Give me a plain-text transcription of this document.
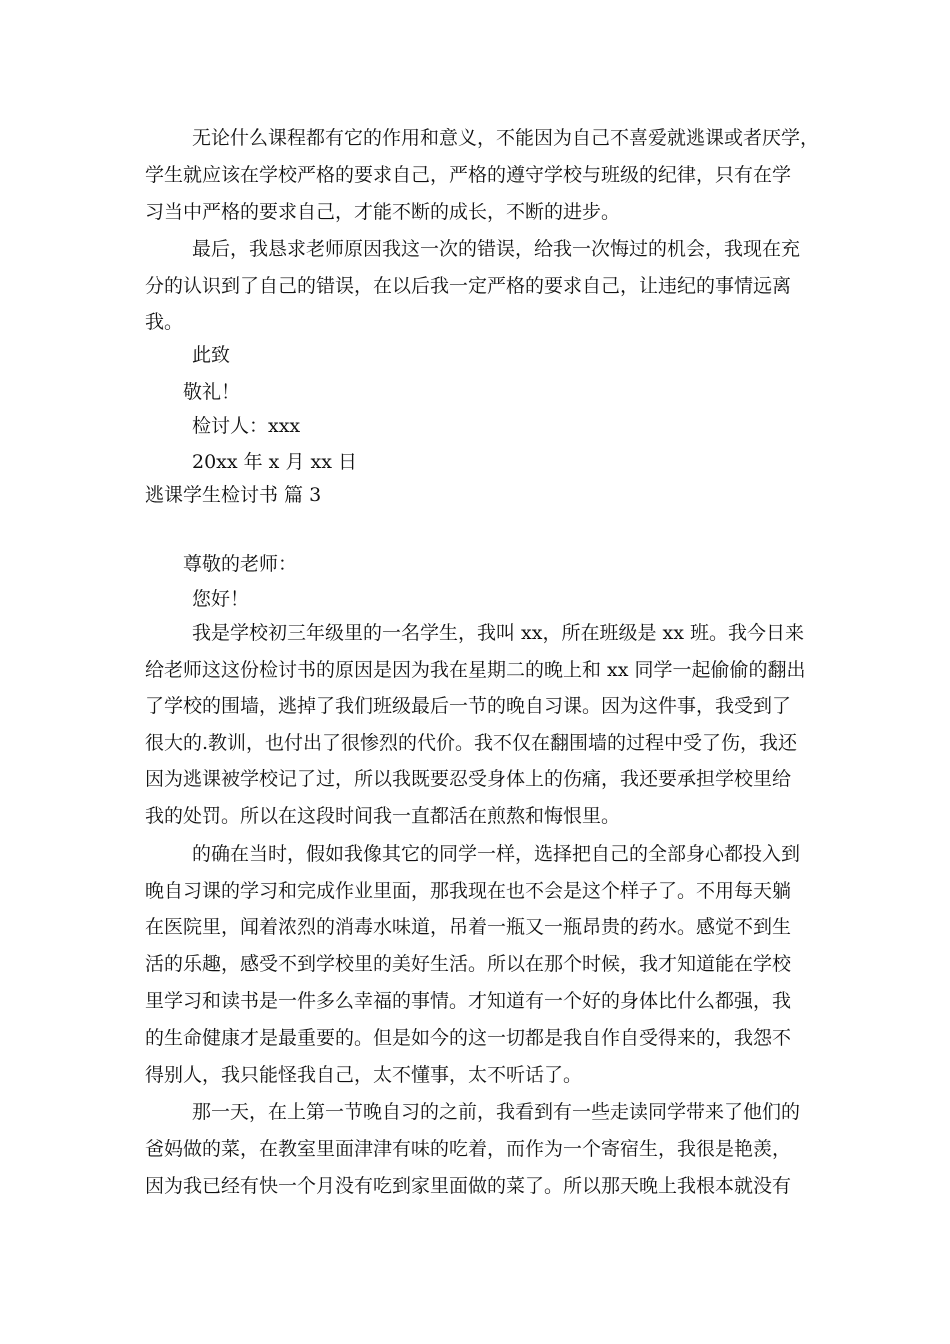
无论什么课程都有它的作用和意义，不能因为自己不喜爱就逃课或者厌学，
学生就应该在学校严格的要求自己，严格的遵守学校与班级的纪律，只有在学
习当中严格的要求自己，才能不断的成长，不断的进步。
最后，我恳求老师原因我这一次的错误，给我一次悔过的机会，我现在充
分的认识到了自己的错误，在以后我一定严格的要求自己，让违纪的事情远离
我。
此致
敬礼！
检讨人：xxx
20xx 年 x 月 xx 日
逃课学生检讨书 篇 3
尊敬的老师：
您好！
我是学校初三年级里的一名学生，我叫 xx，所在班级是 xx 班。我今日来
给老师这这份检讨书的原因是因为我在星期二的晚上和 xx 同学一起偷偷的翻出
了学校的围墙，逃掉了我们班级最后一节的晚自习课。因为这件事，我受到了
很大的.教训，也付出了很惨烈的代价。我不仅在翻围墙的过程中受了伤，我还
因为逃课被学校记了过，所以我既要忍受身体上的伤痛，我还要承担学校里给
我的处罚。所以在这段时间我一直都活在煎熬和悔恨里。
的确在当时，假如我像其它的同学一样，选择把自己的全部身心都投入到
晚自习课的学习和完成作业里面，那我现在也不会是这个样子了。不用每天躺
在医院里，闻着浓烈的消毒水味道，吊着一瓶又一瓶昂贵的药水。感觉不到生
活的乐趣，感受不到学校里的美好生活。所以在那个时候，我才知道能在学校
里学习和读书是一件多么幸福的事情。才知道有一个好的身体比什么都强，我
的生命健康才是最重要的。但是如今的这一切都是我自作自受得来的，我怨不
得别人，我只能怪我自己，太不懂事，太不听话了。
那一天，在上第一节晚自习的之前，我看到有一些走读同学带来了他们的
爸妈做的菜，在教室里面津津有味的吃着，而作为一个寄宿生，我很是艳羡，
因为我已经有快一个月没有吃到家里面做的菜了。所以那天晚上我根本就没有
